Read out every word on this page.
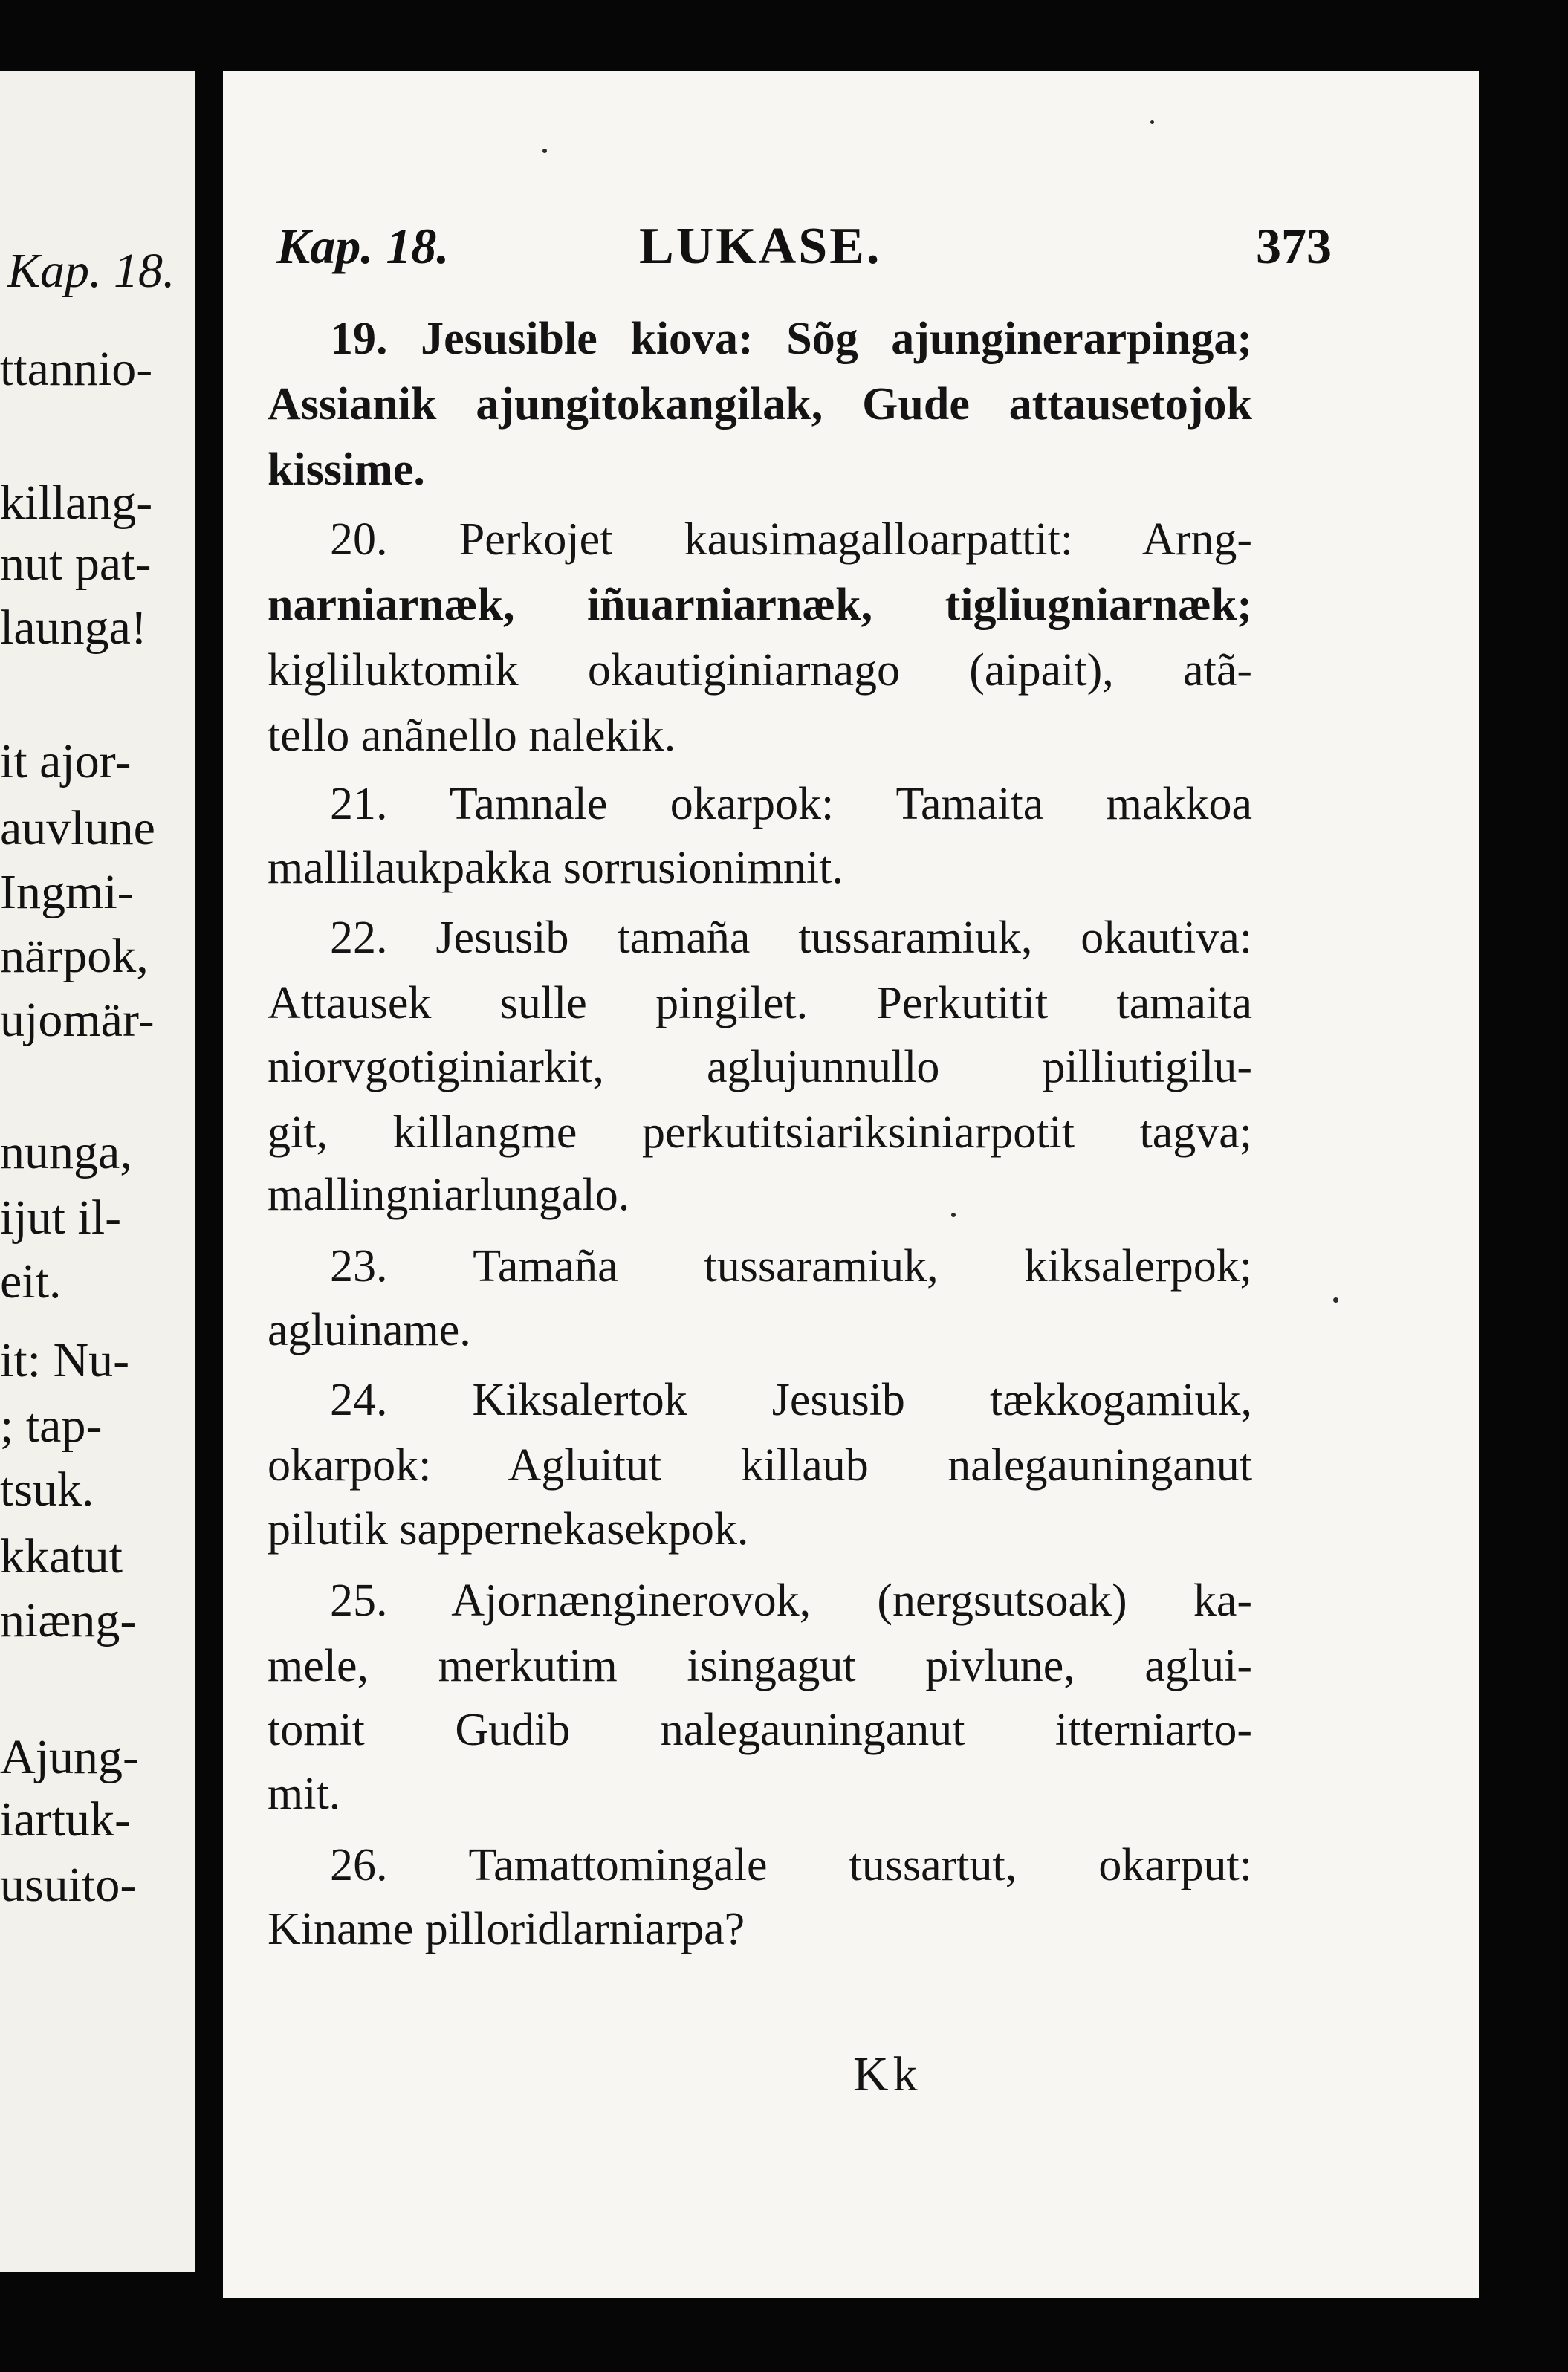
Kap. 18.
ttannio-
killang-
nut pat-
launga!
it ajor-
auvlune
Ingmi-
närpok,
ujomär-
nunga,
ijut il-
eit.
it: Nu-
; tap-
tsuk.
kkatut
niæng-
Ajung-
iartuk-
usuito-
Kap. 18.	LUKASE.	373
19. Jesusible kiova: Sõg ajunginerarpinga;
Assianik ajungitokangilak, Gude attausetojok
kissime.
20. Perkojet kausimagalloarpattit: Arng-
narniarnæk, iñuarniarnæk, tigliugniarnæk;
kigliluktomik okautiginiarnago (aipait), atã-
tello anãnello nalekik.
21. Tamnale okarpok: Tamaita makkoa
mallilaukpakka sorrusionimnit.
22. Jesusib tamaña tussaramiuk, okautiva:
Attausek sulle pingilet. Perkutitit tamaita
niorvgotiginiarkit, aglujunnullo pilliutigilu-
git, killangme perkutitsiariksiniarpotit tagva;
mallingniarlungalo.
23. Tamaña tussaramiuk, kiksalerpok;
agluiname.
24. Kiksalertok Jesusib tækkogamiuk,
okarpok: Agluitut killaub nalegauninganut
pilutik sappernekasekpok.
25. Ajornænginerovok, (nergsutsoak) ka-
mele, merkutim isingagut pivlune, aglui-
tomit Gudib nalegauninganut itterniarto-
mit.
26. Tamattomingale tussartut, okarput:
Kiname pilloridlarniarpa?
Kk
